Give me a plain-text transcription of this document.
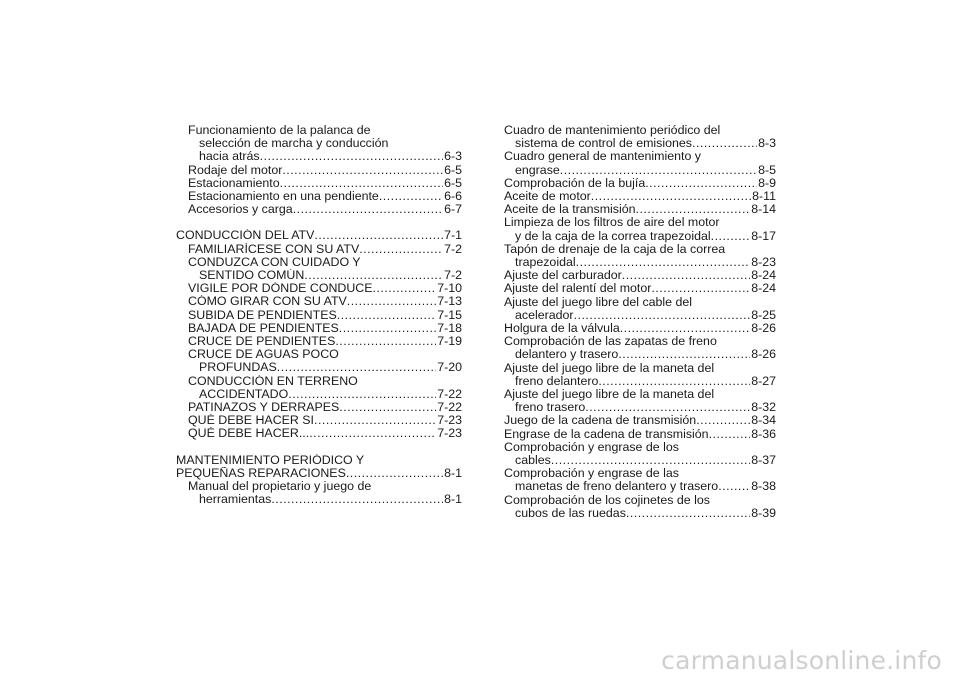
Funcionamiento de la palanca de
selección de marcha y conducción
hacia atrás .....	6-3
Rodaje del motor .....	6-5
Estacionamiento .....	6-5
Estacionamiento en una pendiente .....	6-6
Accesorios y carga .....	6-7
CONDUCCIÓN DEL ATV .....	7-1
FAMILIARÍCESE CON SU ATV .....	7-2
CONDUZCA CON CUIDADO Y
SENTIDO COMÚN .....	7-2
VIGILE POR DÓNDE CONDUCE .....	7-10
CÓMO GIRAR CON SU ATV .....	7-13
SUBIDA DE PENDIENTES .....	7-15
BAJADA DE PENDIENTES .....	7-18
CRUCE DE PENDIENTES .....	7-19
CRUCE DE AGUAS POCO
PROFUNDAS .....	7-20
CONDUCCIÓN EN TERRENO
ACCIDENTADO .....	7-22
PATINAZOS Y DERRAPES .....	7-22
QUÉ DEBE HACER SI .....	7-23
QUÉ DEBE HACER... .....	7-23
MANTENIMIENTO PERIÓDICO Y
PEQUEÑAS REPARACIONES .....	8-1
Manual del propietario y juego de
herramientas .....	8-1
Cuadro de mantenimiento periódico del
sistema de control de emisiones .....	8-3
Cuadro general de mantenimiento y
engrase .....	8-5
Comprobación de la bujía .....	8-9
Aceite de motor .....	8-11
Aceite de la transmisión .....	8-14
Limpieza de los filtros de aire del motor
y de la caja de la correa trapezoidal .....	8-17
Tapón de drenaje de la caja de la correa
trapezoidal .....	8-23
Ajuste del carburador .....	8-24
Ajuste del ralentí del motor .....	8-24
Ajuste del juego libre del cable del
acelerador .....	8-25
Holgura de la válvula .....	8-26
Comprobación de las zapatas de freno
delantero y trasero .....	8-26
Ajuste del juego libre de la maneta del
freno delantero .....	8-27
Ajuste del juego libre de la maneta del
freno trasero .....	8-32
Juego de la cadena de transmisión .....	8-34
Engrase de la cadena de transmisión .....	8-36
Comprobación y engrase de los
cables .....	8-37
Comprobación y engrase de las
manetas de freno delantero y trasero .....	8-38
Comprobación de los cojinetes de los
cubos de las ruedas .....	8-39
carmanualsonline.info
